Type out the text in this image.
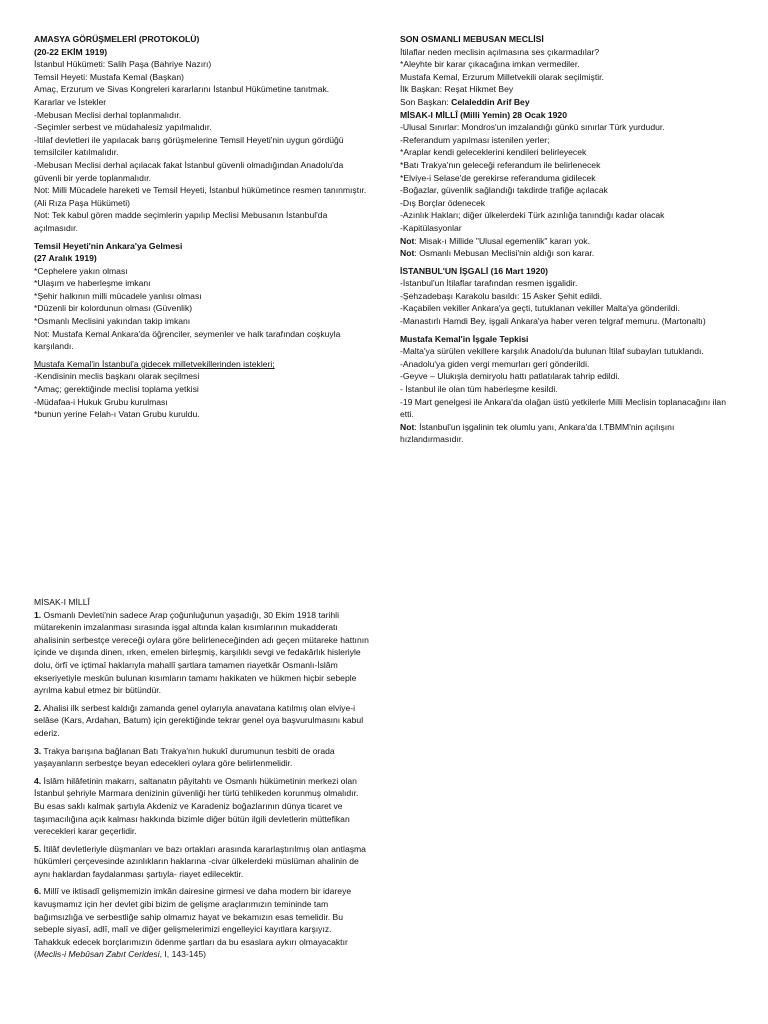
AMASYA GÖRÜŞMELERİ (PROTOKOLÜ)
(20-22 EKİM 1919)
İstanbul Hükümeti: Salih Paşa (Bahriye Nazırı)
Temsil Heyeti: Mustafa Kemal (Başkan)
Amaç, Erzurum ve Sivas Kongreleri kararlarını İstanbul Hükümetine tanıtmak.
Kararlar ve İstekler
-Mebusan Meclisi derhal toplanmalıdır.
-Seçimler serbest ve müdahalesiz yapılmalıdır.
-İtilaf devletleri ile yapılacak barış görüşmelerine Temsil Heyeti'nin uygun gördüğü temsilciler katılmalıdır.
-Mebusan Meclisi derhal açılacak fakat İstanbul güvenli olmadığından Anadolu'da güvenli bir yerde toplanmalıdır.
Not: Milli Mücadele hareketi ve Temsil Heyeti, İstanbul hükümetince resmen tanınmıştır.
(Ali Rıza Paşa Hükümeti)
Not: Tek kabul gören madde seçimlerin yapılıp Meclisi Mebusanın İstanbul'da açılmasıdır.
Temsil Heyeti'nin Ankara'ya Gelmesi
(27 Aralık 1919)
*Cephelere yakın olması
*Ulaşım ve haberleşme imkanı
*Şehir halkının milli mücadele yanlısı olması
*Düzenli bir kolordunun olması (Güvenlik)
*Osmanlı Meclisini yakından takip imkanı
Not: Mustafa Kemal Ankara'da öğrenciler, seymenler ve halk tarafından coşkuyla karşılandı.
Mustafa Kemal'in İstanbul'a gidecek milletvekillerinden istekleri;
-Kendisinin meclis başkanı olarak seçilmesi
*Amaç; gerektiğinde meclisi toplama yetkisi
-Müdafaa-i Hukuk Grubu kurulması
*bunun yerine Felah-ı Vatan Grubu kuruldu.
SON OSMANLI MEBUSAN MECLİSİ
İtilaflar neden meclisin açılmasına ses çıkarmadılar?
*Aleyhte bir karar çıkacağına imkan vermediler.
Mustafa Kemal, Erzurum Milletvekili olarak seçilmiştir.
İlk Başkan: Reşat Hikmet Bey
Son Başkan: Celaleddin Arif Bey
MİSAK-I MİLLÎ (Milli Yemin) 28 Ocak 1920
-Ulusal Sınırlar: Mondros'un imzalandığı günkü sınırlar Türk yurdudur.
-Referandum yapılması istenilen yerler;
*Araplar kendi geleceklerini kendileri belirleyecek
*Batı Trakya'nın geleceği referandum ile belirlenecek
*Elviye-i Selase'de gerekirse referanduma gidilecek
-Boğazlar, güvenlik sağlandığı takdirde trafiğe açılacak
-Dış Borçlar ödenecek
-Azınlık Hakları; diğer ülkelerdeki Türk azınlığa tanındığı kadar olacak
-Kapitülasyonlar
Not: Misak-ı Millide "Ulusal egemenlik" kararı yok.
Not: Osmanlı Mebusan Meclisi'nin aldığı son karar.
İSTANBUL'UN İŞGALİ (16 Mart 1920)
-İstanbul'un İtilaflar tarafından resmen işgalidir.
-Şehzadebaşı Karakolu basıldı: 15 Asker Şehit edildi.
-Kaçabilen vekiller Ankara'ya geçti, tutuklanan vekiller Malta'ya gönderildi.
-Manastırlı Hamdi Bey, işgali Ankara'ya haber veren telgraf memuru. (Martonaltı)
Mustafa Kemal'in İşgale Tepkisi
-Malta'ya sürülen vekillere karşılık Anadolu'da bulunan İtilaf subayları tutuklandı.
-Anadolu'ya giden vergi memurları geri gönderildi.
-Geyve – Ulukışla demiryolu hattı patlatılarak tahrip edildi.
- İstanbul ile olan tüm haberleşme kesildi.
-19 Mart genelgesi ile Ankara'da olağan üstü yetkilerle Milli Meclisin toplanacağını ilan etti.
Not: İstanbul'un işgalinin tek olumlu yanı, Ankara'da I.TBMM'nin açılışını hızlandırmasıdır.
MİSAK-I MİLLÎ

1. Osmanlı Devleti'nin sadece Arap çoğunluğunun yaşadığı, 30 Ekim 1918 tarihli mütarekenin imzalanması sırasında işgal altında kalan kısımlarının mukadderatı ahalisinin serbestçe vereceği oylara göre belirleneceğinden adı geçen mütareke hattının içinde ve dışında dinen, ırken, emelen birleşmiş, karşılıklı sevgi ve fedakârlık hisleriyle dolu, örfî ve içtimaî haklarıyla mahallî şartlara tamamen riayetkâr Osmanlı-İslâm ekseriyetiyle meskûn bulunan kısımların tamamı hakikaten ve hükmen hiçbir sebeple ayrılma kabul etmez bir bütündür.

2. Ahalisi ilk serbest kaldığı zamanda genel oylarıyla anavatana katılmış olan elviye-i selâse (Kars, Ardahan, Batum) için gerektiğinde tekrar genel oya başvurulmasını kabul ederiz.

3. Trakya barışına bağlanan Batı Trakya'nın hukukî durumunun tesbiti de orada yaşayanların serbestçe beyan edecekleri oylara göre belirlenmelidir.

4. İslâm hilâfetinin makarrı, saltanatın pâyitahtı ve Osmanlı hükümetinin merkezi olan İstanbul şehriyle Marmara denizinin güvenliği her türlü tehlikeden korunmuş olmalıdır. Bu esas saklı kalmak şartıyla Akdeniz ve Karadeniz boğazlarının dünya ticaret ve taşımacılığına açık kalması hakkında bizimle diğer bütün ilgili devletlerin müttefikan verecekleri karar geçerlidir.

5. İtilâf devletleriyle düşmanları ve bazı ortakları arasında kararlaştırılmış olan antlaşma hükümleri çerçevesinde azınlıkların haklarına -civar ülkelerdeki müslüman ahalinin de aynı haklardan faydalanması şartıyla- riayet edilecektir.

6. Millî ve iktisadî gelişmemizin imkân dairesine girmesi ve daha modern bir idareye kavuşmamız için her devlet gibi bizim de gelişme araçlarımızın temininde tam bağımsızlığa ve serbestliğe sahip olmamız hayat ve bekamızın esas temelidir. Bu sebeple siyasî, adlî, malî ve diğer gelişmelerimizi engelleyici kayıtlara karşıyız. Tahakkuk edecek borçlarımızın ödenme şartları da bu esaslara aykırı olmayacaktır
(Meclis-i Mebûsan Zabıt Ceridesi, I, 143-145)
